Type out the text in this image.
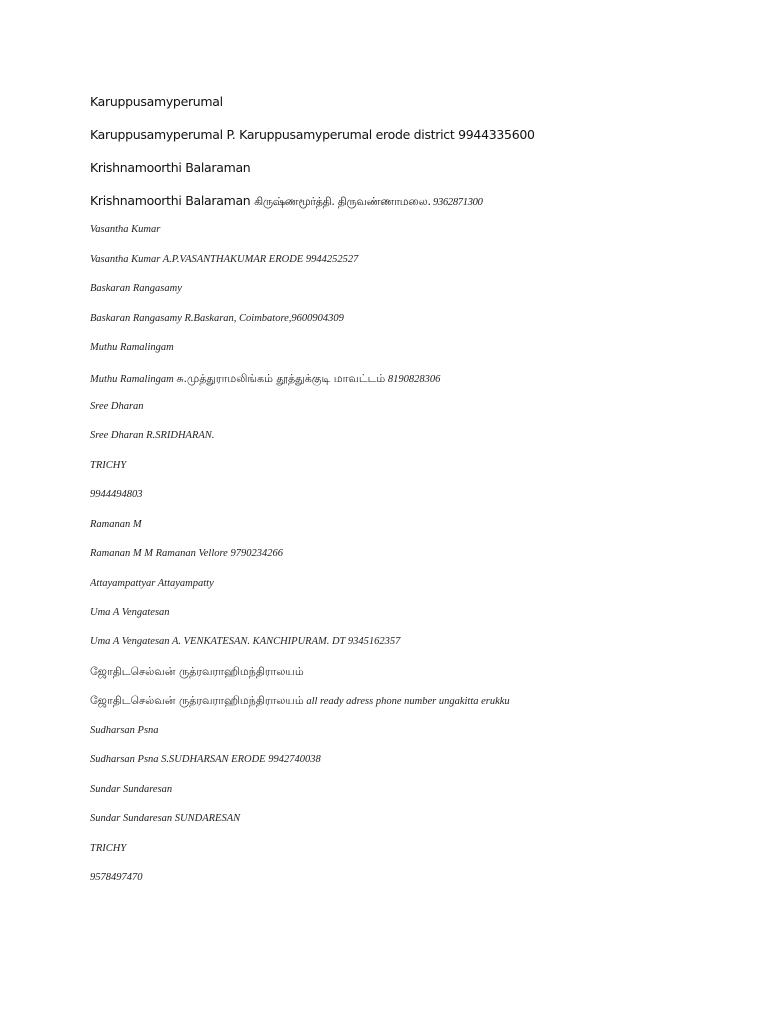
Karuppusamyperumal
Karuppusamyperumal P. Karuppusamyperumal erode district 9944335600
Krishnamoorthi Balaraman
Krishnamoorthi Balaraman கிருஷ்ணமூர்த்தி. திருவண்ணாமலை. 9362871300
Vasantha Kumar
Vasantha Kumar A.P.VASANTHAKUMAR ERODE 9944252527
Baskaran Rangasamy
Baskaran Rangasamy R.Baskaran, Coimbatore,9600904309
Muthu Ramalingam
Muthu Ramalingam சு.முத்துராமலிங்கம் தூத்துக்குடி மாவட்டம் 8190828306
Sree Dharan
Sree Dharan R.SRIDHARAN.
TRICHY
9944494803
Ramanan M
Ramanan M M Ramanan Vellore 9790234266
Attayampattyar Attayampatty
Uma A Vengatesan
Uma A Vengatesan A. VENKATESAN. KANCHIPURAM. DT 9345162357
ஜோதிடசெல்வன் ருத்ரவராஹிமந்திராலயம்
ஜோதிடசெல்வன் ருத்ரவராஹிமந்திராலயம் all ready adress phone number ungakitta erukku
Sudharsan Psna
Sudharsan Psna S.SUDHARSAN ERODE 9942740038
Sundar Sundaresan
Sundar Sundaresan SUNDARESAN
TRICHY
9578497470
